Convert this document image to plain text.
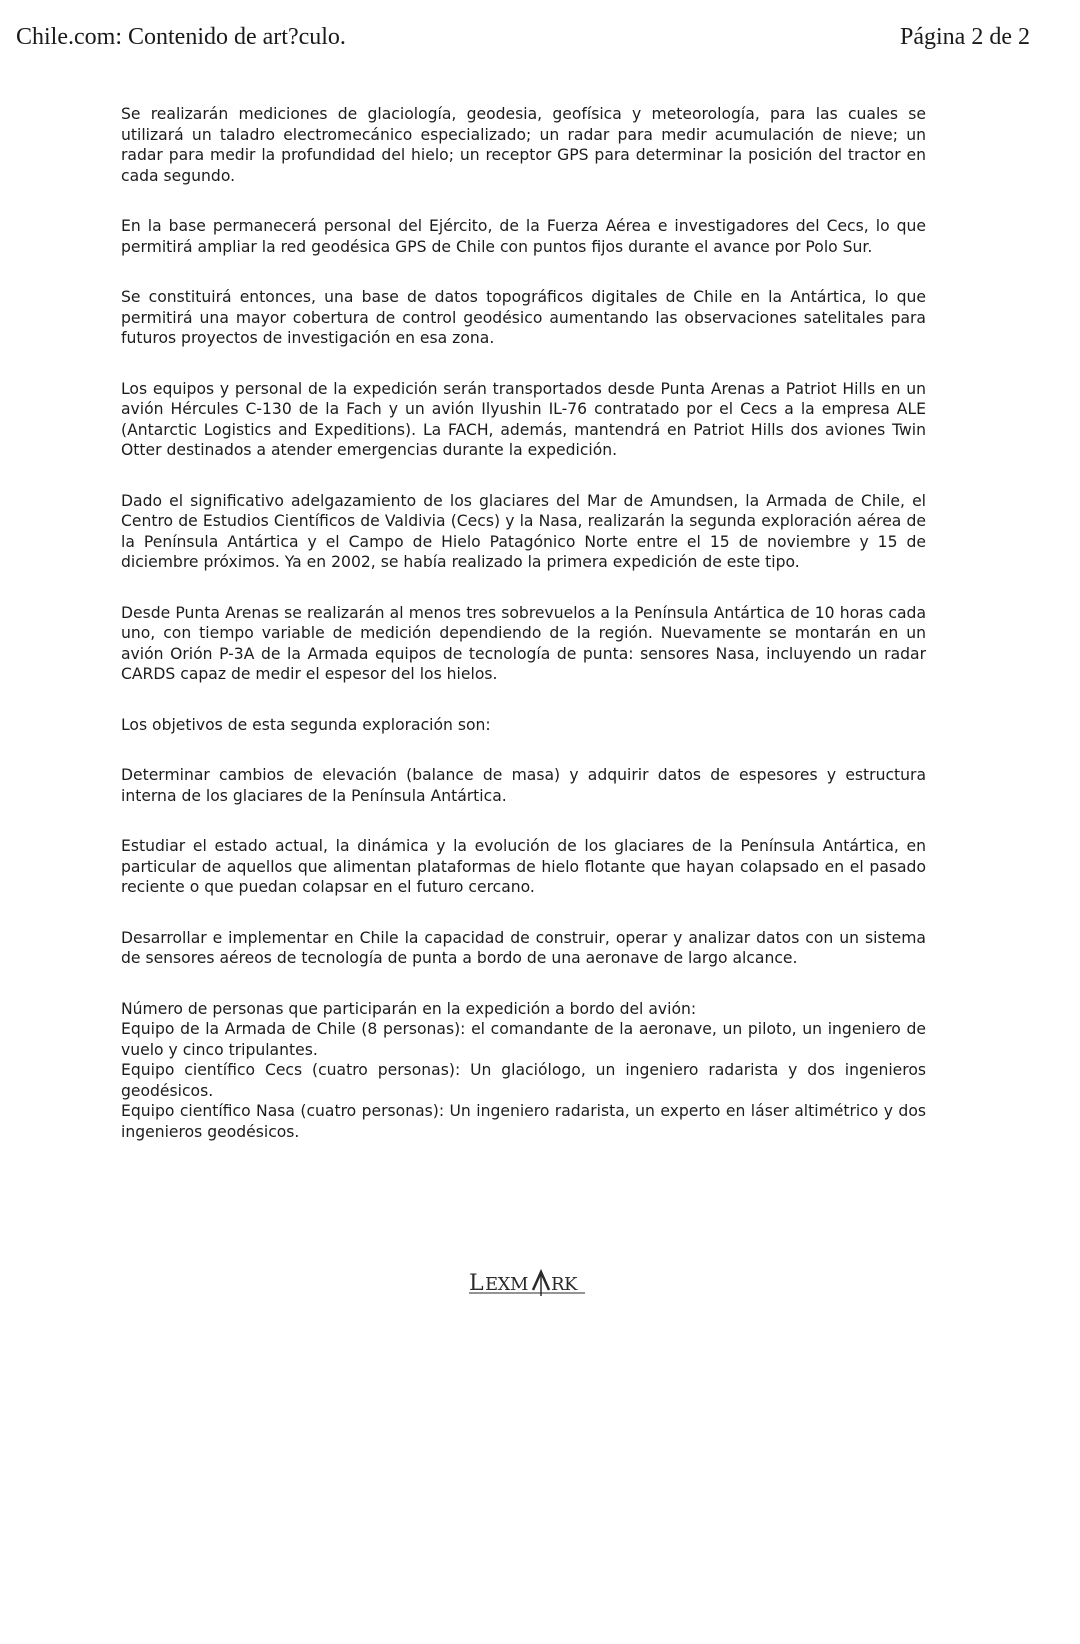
Chile.com: Contenido de art?culo.	Página 2 de 2

Se realizarán mediciones de glaciología, geodesia, geofísica y meteorología, para las cuales se utilizará un taladro electromecánico especializado; un radar para medir acumulación de nieve; un radar para medir la profundidad del hielo; un receptor GPS para determinar la posición del tractor en cada segundo.

En la base permanecerá personal del Ejército, de la Fuerza Aérea e investigadores del Cecs, lo que permitirá ampliar la red geodésica GPS de Chile con puntos fijos durante el avance por Polo Sur.

Se constituirá entonces, una base de datos topográficos digitales de Chile en la Antártica, lo que permitirá una mayor cobertura de control geodésico aumentando las observaciones satelitales para futuros proyectos de investigación en esa zona.

Los equipos y personal de la expedición serán transportados desde Punta Arenas a Patriot Hills en un avión Hércules C-130 de la Fach y un avión Ilyushin IL-76 contratado por el Cecs a la empresa ALE (Antarctic Logistics and Expeditions). La FACH, además, mantendrá en Patriot Hills dos aviones Twin Otter destinados a atender emergencias durante la expedición.

Dado el significativo adelgazamiento de los glaciares del Mar de Amundsen, la Armada de Chile, el Centro de Estudios Científicos de Valdivia (Cecs) y la Nasa, realizarán la segunda exploración aérea de la Península Antártica y el Campo de Hielo Patagónico Norte entre el 15 de noviembre y 15 de diciembre próximos. Ya en 2002, se había realizado la primera expedición de este tipo.

Desde Punta Arenas se realizarán al menos tres sobrevuelos a la Península Antártica de 10 horas cada uno, con tiempo variable de medición dependiendo de la región. Nuevamente se montarán en un avión Orión P-3A de la Armada equipos de tecnología de punta: sensores Nasa, incluyendo un radar CARDS capaz de medir el espesor del los hielos.

Los objetivos de esta segunda exploración son:

Determinar cambios de elevación (balance de masa) y adquirir datos de espesores y estructura interna de los glaciares de la Península Antártica.

Estudiar el estado actual, la dinámica y la evolución de los glaciares de la Península Antártica, en particular de aquellos que alimentan plataformas de hielo flotante que hayan colapsado en el pasado reciente o que puedan colapsar en el futuro cercano.

Desarrollar e implementar en Chile la capacidad de construir, operar y analizar datos con un sistema de sensores aéreos de tecnología de punta a bordo de una aeronave de largo alcance.

Número de personas que participarán en la expedición a bordo del avión:

Equipo de la Armada de Chile (8 personas): el comandante de la aeronave, un piloto, un ingeniero de vuelo y cinco tripulantes.

Equipo científico Cecs (cuatro personas): Un glaciólogo, un ingeniero radarista y dos ingenieros geodésicos.

Equipo científico Nasa (cuatro personas): Un ingeniero radarista, un experto en láser altimétrico y dos ingenieros geodésicos.

L EXM RK
